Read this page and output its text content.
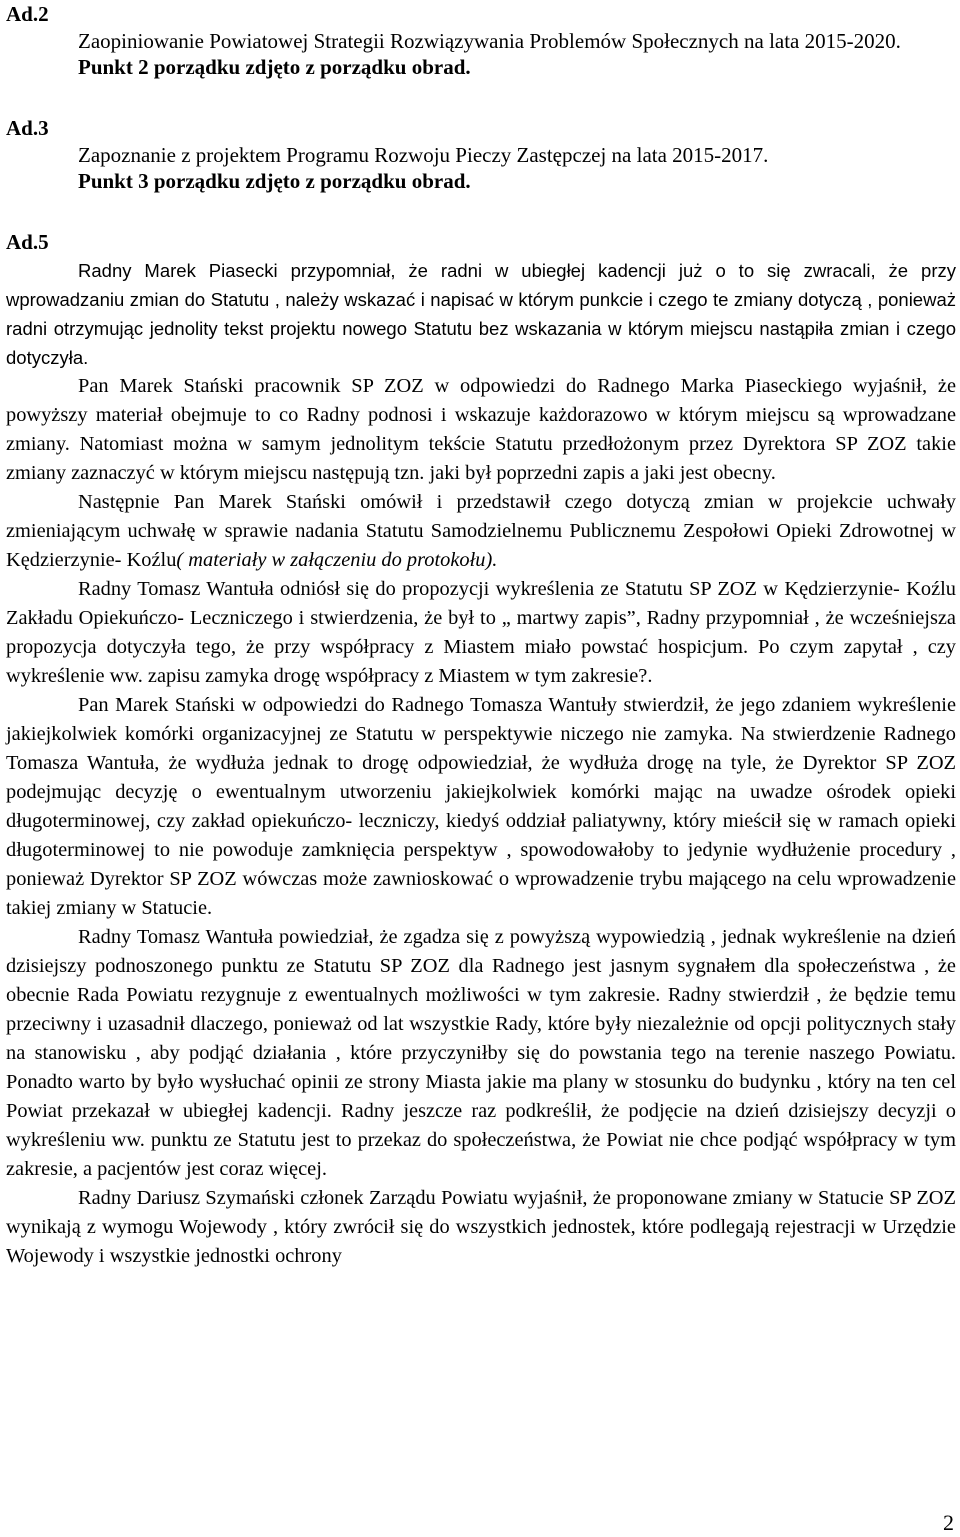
Ad.2
Zaopiniowanie Powiatowej Strategii Rozwiązywania Problemów Społecznych na lata 2015-2020. Punkt 2 porządku zdjęto z porządku obrad.
Ad.3
Zapoznanie z projektem Programu Rozwoju Pieczy Zastępczej na lata 2015-2017.
Punkt 3 porządku zdjęto z porządku obrad.
Ad.5

Radny Marek Piasecki przypomniał, że radni w ubiegłej kadencji już o to się zwracali, że przy wprowadzaniu zmian do Statutu , należy wskazać i napisać w którym punkcie i czego te zmiany dotyczą , ponieważ radni otrzymując jednolity tekst projektu nowego Statutu bez wskazania w którym miejscu nastąpiła zmian i czego dotyczyła.

Pan Marek Stański pracownik SP ZOZ w odpowiedzi do Radnego Marka Piaseckiego wyjaśnił, że powyższy materiał obejmuje to co Radny podnosi i wskazuje każdorazowo w którym miejscu są wprowadzane zmiany. Natomiast można w samym jednolitym tekście Statutu przedłożonym przez Dyrektora SP ZOZ takie zmiany zaznaczyć w którym miejscu następują tzn. jaki był poprzedni zapis a jaki jest obecny.

Następnie Pan Marek Stański omówił i przedstawił czego dotyczą zmian w projekcie uchwały zmieniającym uchwałę w sprawie nadania Statutu Samodzielnemu Publicznemu Zespołowi Opieki Zdrowotnej w Kędzierzynie- Koźlu( materiały w załączeniu do protokołu).

Radny Tomasz Wantuła odniósł się do propozycji wykreślenia ze Statutu SP ZOZ w Kędzierzynie- Koźlu Zakładu Opiekuńczo- Leczniczego i stwierdzenia, że był to „ martwy zapis”, Radny przypomniał , że wcześniejsza propozycja dotyczyła tego, że przy współpracy z Miastem miało powstać hospicjum. Po czym zapytał , czy wykreślenie ww. zapisu zamyka drogę współpracy z Miastem w tym zakresie?.

Pan Marek Stański w odpowiedzi do Radnego Tomasza Wantuły stwierdził, że jego zdaniem wykreślenie jakiejkolwiek komórki organizacyjnej ze Statutu w perspektywie niczego nie zamyka. Na stwierdzenie Radnego Tomasza Wantuła, że wydłuża jednak to drogę odpowiedział, że wydłuża drogę na tyle, że Dyrektor SP ZOZ podejmując decyzję o ewentualnym utworzeniu jakiejkolwiek komórki mając na uwadze ośrodek opieki długoterminowej, czy zakład opiekuńczo- leczniczy, kiedyś oddział paliatywny, który mieścił się w ramach opieki długoterminowej to nie powoduje zamknięcia perspektyw , spowodowałoby to jedynie wydłużenie procedury , ponieważ Dyrektor SP ZOZ wówczas może zawnioskować o wprowadzenie trybu mającego na celu wprowadzenie takiej zmiany w Statucie.

Radny Tomasz Wantuła powiedział, że zgadza się z powyższą wypowiedzią , jednak wykreślenie na dzień dzisiejszy podnoszonego punktu ze Statutu SP ZOZ dla Radnego jest jasnym sygnałem dla społeczeństwa , że obecnie Rada Powiatu rezygnuje z ewentualnych możliwości w tym zakresie. Radny stwierdził , że będzie temu przeciwny i uzasadnił dlaczego, ponieważ od lat wszystkie Rady, które były niezależnie od opcji politycznych stały na stanowisku , aby podjąć działania , które przyczyniłby się do powstania tego na terenie naszego Powiatu. Ponadto warto by było wysłuchać opinii ze strony Miasta jakie ma plany w stosunku do budynku , który na ten cel Powiat przekazał w ubiegłej kadencji. Radny jeszcze raz podkreślił, że podjęcie na dzień dzisiejszy decyzji o wykreśleniu ww. punktu ze Statutu jest to przekaz do społeczeństwa, że Powiat nie chce podjąć współpracy w tym zakresie, a pacjentów jest coraz więcej.

Radny Dariusz Szymański członek Zarządu Powiatu wyjaśnił, że proponowane zmiany w Statucie SP ZOZ wynikają z wymogu Wojewody , który zwrócił się do wszystkich jednostek, które podlegają rejestracji w Urzędzie Wojewody i wszystkie jednostki ochrony

2
